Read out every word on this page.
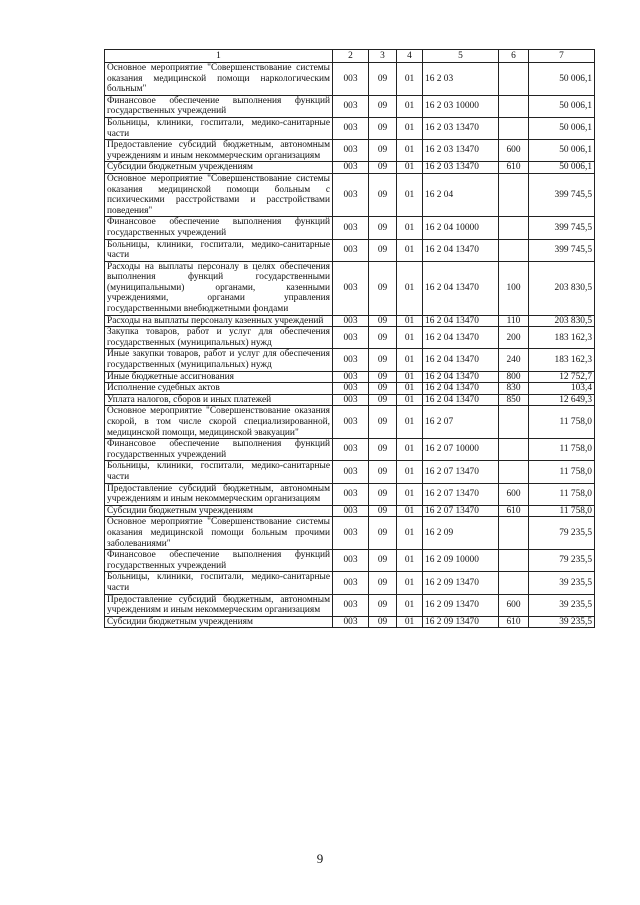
1	2	3	4	5	6	7
Основное мероприятие "Совершенствование системы оказания медицинской помощи наркологическим больным"	003	09	01	16 2 03		50 006,1
Финансовое обеспечение выполнения функций государственных учреждений	003	09	01	16 2 03 10000		50 006,1
Больницы, клиники, госпитали, медико-санитарные части	003	09	01	16 2 03 13470		50 006,1
Предоставление субсидий бюджетным, автономным учреждениям и иным некоммерческим организациям	003	09	01	16 2 03 13470	600	50 006,1
Субсидии бюджетным учреждениям	003	09	01	16 2 03 13470	610	50 006,1
Основное мероприятие "Совершенствование системы оказания медицинской помощи больным с психическими расстройствами и расстройствами поведения"	003	09	01	16 2 04		399 745,5
Финансовое обеспечение выполнения функций государственных учреждений	003	09	01	16 2 04 10000		399 745,5
Больницы, клиники, госпитали, медико-санитарные части	003	09	01	16 2 04 13470		399 745,5
Расходы на выплаты персоналу в целях обеспечения выполнения функций государственными (муниципальными) органами, казенными учреждениями, органами управления государственными внебюджетными фондами	003	09	01	16 2 04 13470	100	203 830,5
Расходы на выплаты персоналу казенных учреждений	003	09	01	16 2 04 13470	110	203 830,5
Закупка товаров, работ и услуг для обеспечения государственных (муниципальных) нужд	003	09	01	16 2 04 13470	200	183 162,3
Иные закупки товаров, работ и услуг для обеспечения государственных (муниципальных) нужд	003	09	01	16 2 04 13470	240	183 162,3
Иные бюджетные ассигнования	003	09	01	16 2 04 13470	800	12 752,7
Исполнение судебных актов	003	09	01	16 2 04 13470	830	103,4
Уплата налогов, сборов и иных платежей	003	09	01	16 2 04 13470	850	12 649,3
Основное мероприятие "Совершенствование оказания скорой, в том числе скорой специализированной, медицинской помощи, медицинской эвакуации"	003	09	01	16 2 07		11 758,0
Финансовое обеспечение выполнения функций государственных учреждений	003	09	01	16 2 07 10000		11 758,0
Больницы, клиники, госпитали, медико-санитарные части	003	09	01	16 2 07 13470		11 758,0
Предоставление субсидий бюджетным, автономным учреждениям и иным некоммерческим организациям	003	09	01	16 2 07 13470	600	11 758,0
Субсидии бюджетным учреждениям	003	09	01	16 2 07 13470	610	11 758,0
Основное мероприятие "Совершенствование системы оказания медицинской помощи больным прочими заболеваниями"	003	09	01	16 2 09		79 235,5
Финансовое обеспечение выполнения функций государственных учреждений	003	09	01	16 2 09 10000		79 235,5
Больницы, клиники, госпитали, медико-санитарные части	003	09	01	16 2 09 13470		39 235,5
Предоставление субсидий бюджетным, автономным учреждениям и иным некоммерческим организациям	003	09	01	16 2 09 13470	600	39 235,5
Субсидии бюджетным учреждениям	003	09	01	16 2 09 13470	610	39 235,5
9
